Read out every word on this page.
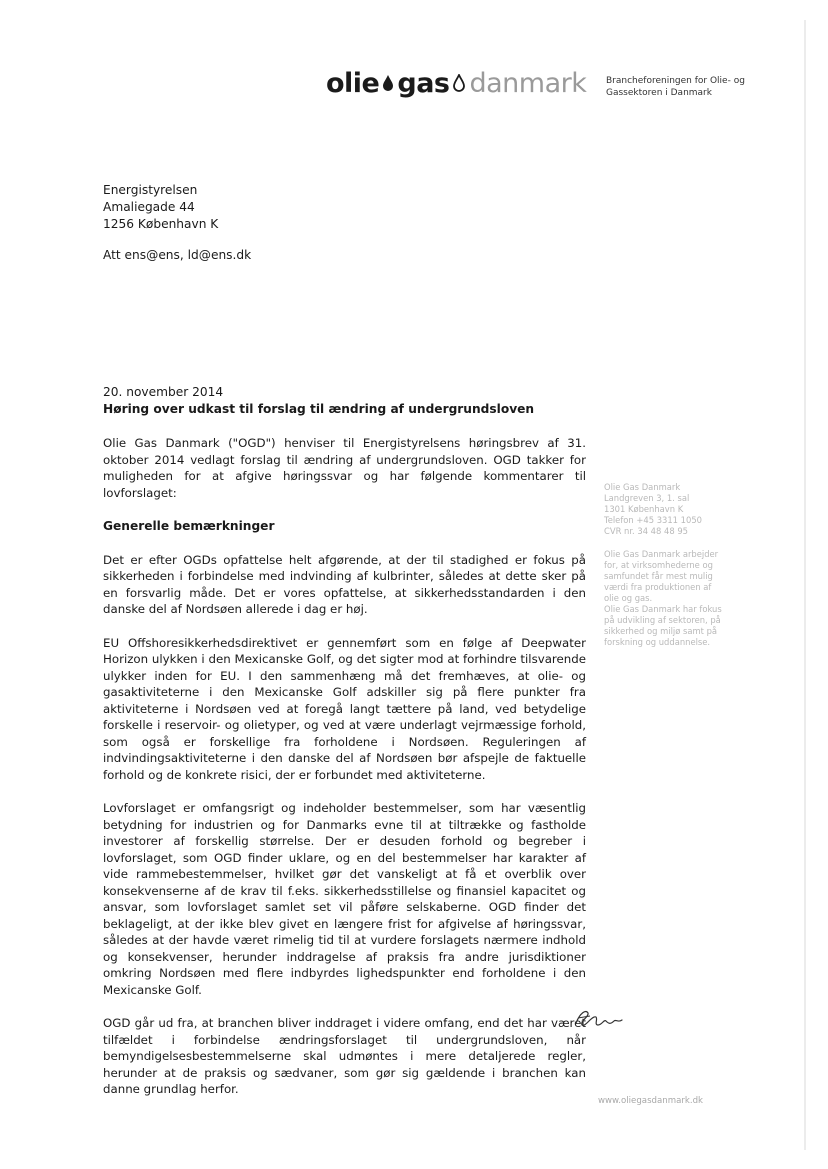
olie gas danmark Brancheforeningen for Olie- og
Gassektoren i Danmark
Energistyrelsen
Amaliegade 44
1256 København K
Att ens@ens, ld@ens.dk
20. november 2014
Høring over udkast til forslag til ændring af undergrundsloven

Olie Gas Danmark ("OGD") henviser til Energistyrelsens høringsbrev af 31. oktober 2014 vedlagt forslag til ændring af undergrundsloven. OGD takker for muligheden for at afgive høringssvar og har følgende kommentarer til lovforslaget:

Generelle bemærkninger

Det er efter OGDs opfattelse helt afgørende, at der til stadighed er fokus på sikkerheden i forbindelse med indvinding af kulbrinter, således at dette sker på en forsvarlig måde. Det er vores opfattelse, at sikkerhedsstandarden i den danske del af Nordsøen allerede i dag er høj.

EU Offshoresikkerhedsdirektivet er gennemført som en følge af Deepwater Horizon ulykken i den Mexicanske Golf, og det sigter mod at forhindre tilsvarende ulykker inden for EU. I den sammenhæng må det fremhæves, at olie- og gasaktiviteterne i den Mexicanske Golf adskiller sig på flere punkter fra aktiviteterne i Nordsøen ved at foregå langt tættere på land, ved betydelige forskelle i reservoir- og olietyper, og ved at være underlagt vejrmæssige forhold, som også er forskellige fra forholdene i Nordsøen. Reguleringen af indvindingsaktiviteterne i den danske del af Nordsøen bør afspejle de faktuelle forhold og de konkrete risici, der er forbundet med aktiviteterne.

Lovforslaget er omfangsrigt og indeholder bestemmelser, som har væsentlig betydning for industrien og for Danmarks evne til at tiltrække og fastholde investorer af forskellig størrelse. Der er desuden forhold og begreber i lovforslaget, som OGD finder uklare, og en del bestemmelser har karakter af vide rammebestemmelser, hvilket gør det vanskeligt at få et overblik over konsekvenserne af de krav til f.eks. sikkerhedsstillelse og finansiel kapacitet og ansvar, som lovforslaget samlet set vil påføre selskaberne. OGD finder det beklageligt, at der ikke blev givet en længere frist for afgivelse af høringssvar, således at der havde været rimelig tid til at vurdere forslagets nærmere indhold og konsekvenser, herunder inddragelse af praksis fra andre jurisdiktioner omkring Nordsøen med flere indbyrdes lighedspunkter end forholdene i den Mexicanske Golf.

OGD går ud fra, at branchen bliver inddraget i videre omfang, end det har været tilfældet i forbindelse ændringsforslaget til undergrundsloven, når bemyndigelsesbestemmelserne skal udmøntes i mere detaljerede regler, herunder at de praksis og sædvaner, som gør sig gældende i branchen kan danne grundlag herfor.

Olie Gas Danmark
Landgreven 3, 1. sal
1301 København K
Telefon +45 3311 1050
CVR nr. 34 48 48 95
Olie Gas Danmark arbejder
for, at virksomhederne og
samfundet får mest mulig
værdi fra produktionen af
olie og gas.
Olie Gas Danmark har fokus
på udvikling af sektoren, på
sikkerhed og miljø samt på
forskning og uddannelse.
www.oliegasdanmark.dk
